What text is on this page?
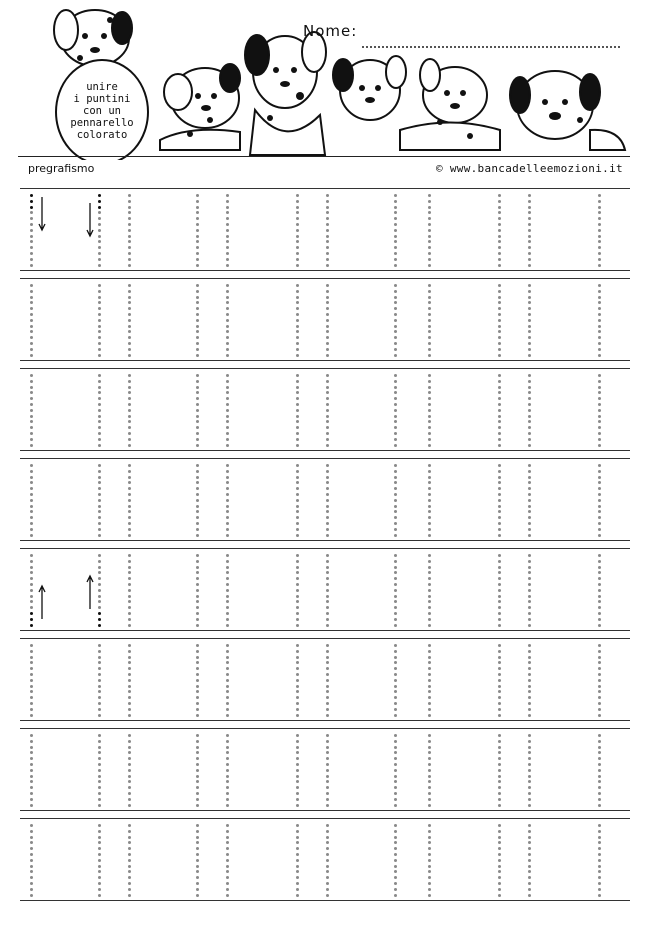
unire
i puntini
con un
pennarello
colorato
Nome:
pregrafismo	© www.bancadelleemozioni.it
